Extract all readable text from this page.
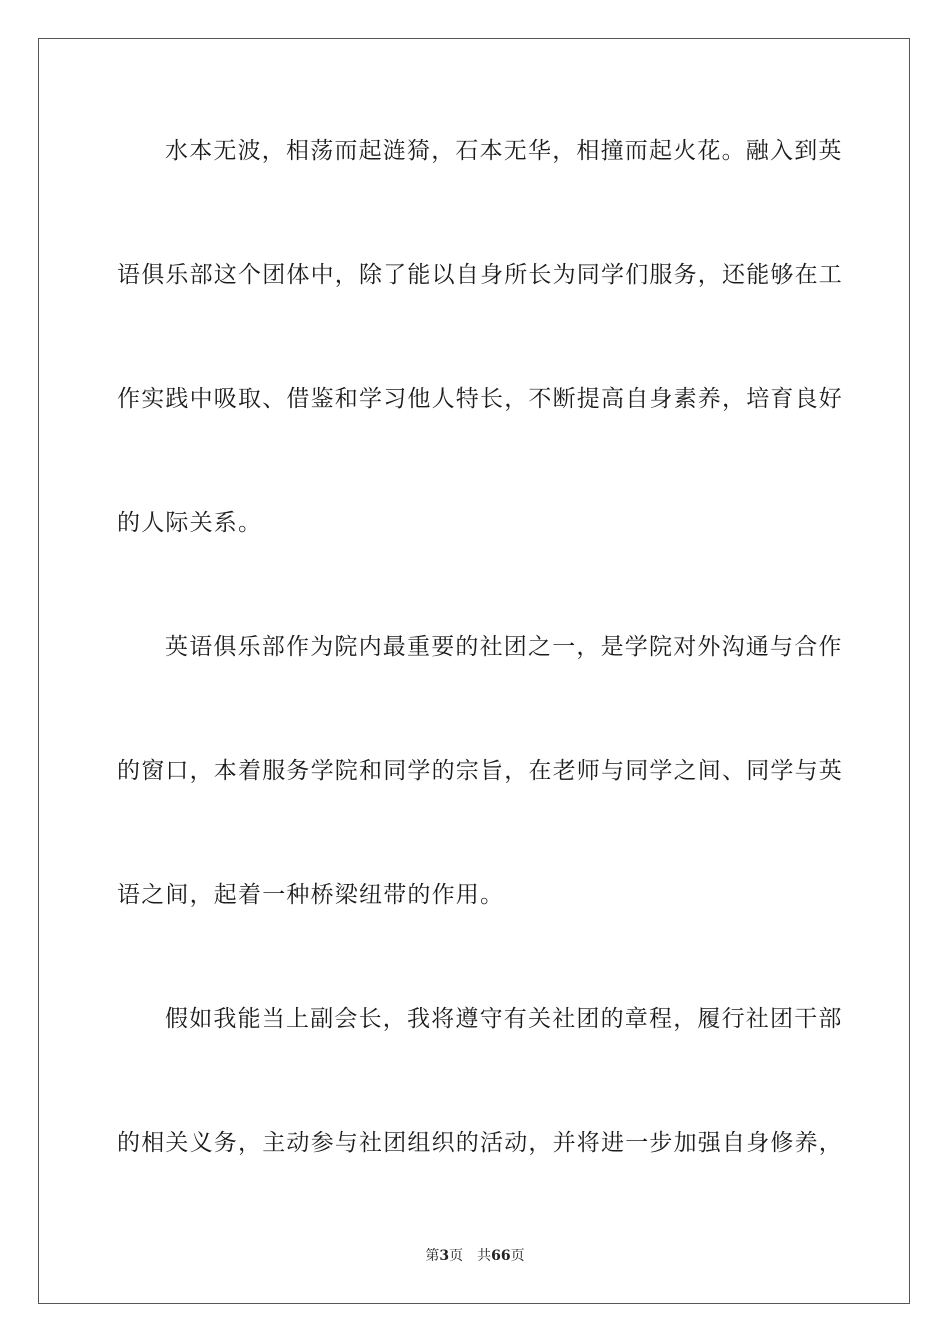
水本无波，相荡而起涟猗，石本无华，相撞而起火花。融入到英
语俱乐部这个团体中，除了能以自身所长为同学们服务，还能够在工
作实践中吸取、借鉴和学习他人特长，不断提高自身素养，培育良好
的人际关系。
英语俱乐部作为院内最重要的社团之一，是学院对外沟通与合作
的窗口，本着服务学院和同学的宗旨，在老师与同学之间、同学与英
语之间，起着一种桥梁纽带的作用。
假如我能当上副会长，我将遵守有关社团的章程，履行社团干部
的相关义务，主动参与社团组织的活动，并将进一步加强自身修养，
第3页 共66页
